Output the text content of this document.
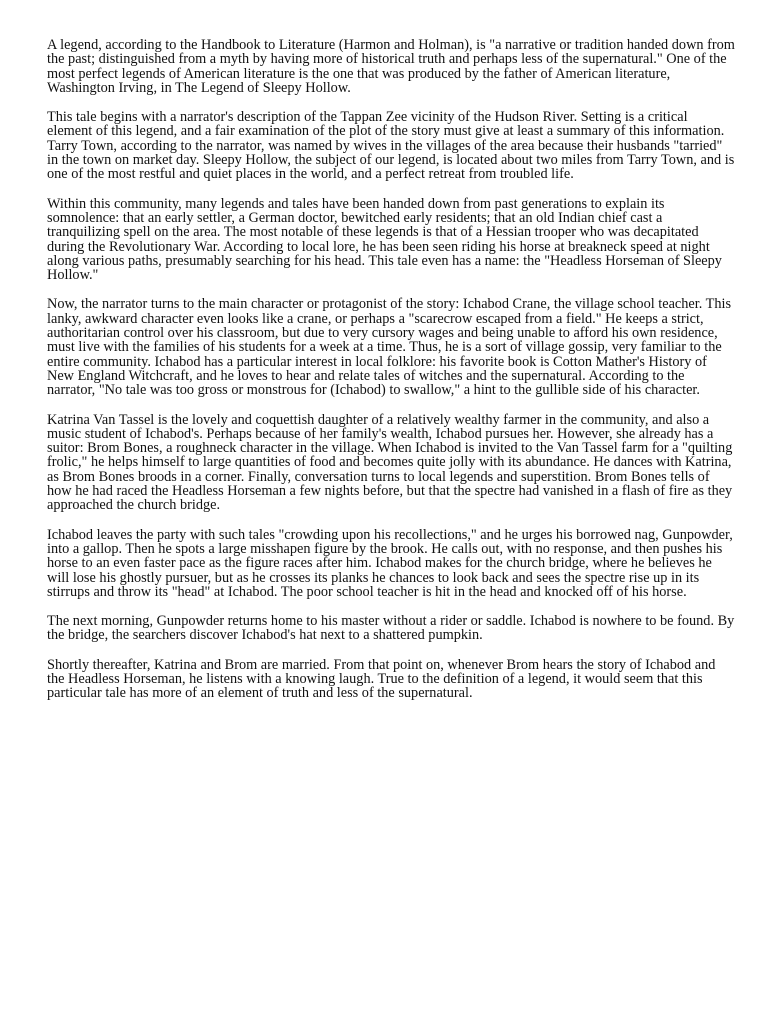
A legend, according to the Handbook to Literature (Harmon and Holman), is "a narrative or tradition handed down from the past; distinguished from a myth by having more of historical truth and perhaps less of the supernatural." One of the most perfect legends of American literature is the one that was produced by the father of American literature, Washington Irving, in The Legend of Sleepy Hollow.

This tale begins with a narrator's description of the Tappan Zee vicinity of the Hudson River. Setting is a critical element of this legend, and a fair examination of the plot of the story must give at least a summary of this information. Tarry Town, according to the narrator, was named by wives in the villages of the area because their husbands "tarried" in the town on market day. Sleepy Hollow, the subject of our legend, is located about two miles from Tarry Town, and is one of the most restful and quiet places in the world, and a perfect retreat from troubled life.

Within this community, many legends and tales have been handed down from past generations to explain its somnolence: that an early settler, a German doctor, bewitched early residents; that an old Indian chief cast a tranquilizing spell on the area. The most notable of these legends is that of a Hessian trooper who was decapitated during the Revolutionary War. According to local lore, he has been seen riding his horse at breakneck speed at night along various paths, presumably searching for his head. This tale even has a name: the "Headless Horseman of Sleepy Hollow."

Now, the narrator turns to the main character or protagonist of the story: Ichabod Crane, the village school teacher. This lanky, awkward character even looks like a crane, or perhaps a "scarecrow escaped from a field." He keeps a strict, authoritarian control over his classroom, but due to very cursory wages and being unable to afford his own residence, must live with the families of his students for a week at a time. Thus, he is a sort of village gossip, very familiar to the entire community. Ichabod has a particular interest in local folklore: his favorite book is Cotton Mather's History of New England Witchcraft, and he loves to hear and relate tales of witches and the supernatural. According to the narrator, "No tale was too gross or monstrous for (Ichabod) to swallow," a hint to the gullible side of his character.

Katrina Van Tassel is the lovely and coquettish daughter of a relatively wealthy farmer in the community, and also a music student of Ichabod's. Perhaps because of her family's wealth, Ichabod pursues her. However, she already has a suitor: Brom Bones, a roughneck character in the village. When Ichabod is invited to the Van Tassel farm for a "quilting frolic," he helps himself to large quantities of food and becomes quite jolly with its abundance. He dances with Katrina, as Brom Bones broods in a corner. Finally, conversation turns to local legends and superstition. Brom Bones tells of how he had raced the Headless Horseman a few nights before, but that the spectre had vanished in a flash of fire as they approached the church bridge.

Ichabod leaves the party with such tales "crowding upon his recollections," and he urges his borrowed nag, Gunpowder, into a gallop. Then he spots a large misshapen figure by the brook. He calls out, with no response, and then pushes his horse to an even faster pace as the figure races after him. Ichabod makes for the church bridge, where he believes he will lose his ghostly pursuer, but as he crosses its planks he chances to look back and sees the spectre rise up in its stirrups and throw its "head" at Ichabod. The poor school teacher is hit in the head and knocked off of his horse.

The next morning, Gunpowder returns home to his master without a rider or saddle. Ichabod is nowhere to be found. By the bridge, the searchers discover Ichabod's hat next to a shattered pumpkin.

Shortly thereafter, Katrina and Brom are married. From that point on, whenever Brom hears the story of Ichabod and the Headless Horseman, he listens with a knowing laugh. True to the definition of a legend, it would seem that this particular tale has more of an element of truth and less of the supernatural.
